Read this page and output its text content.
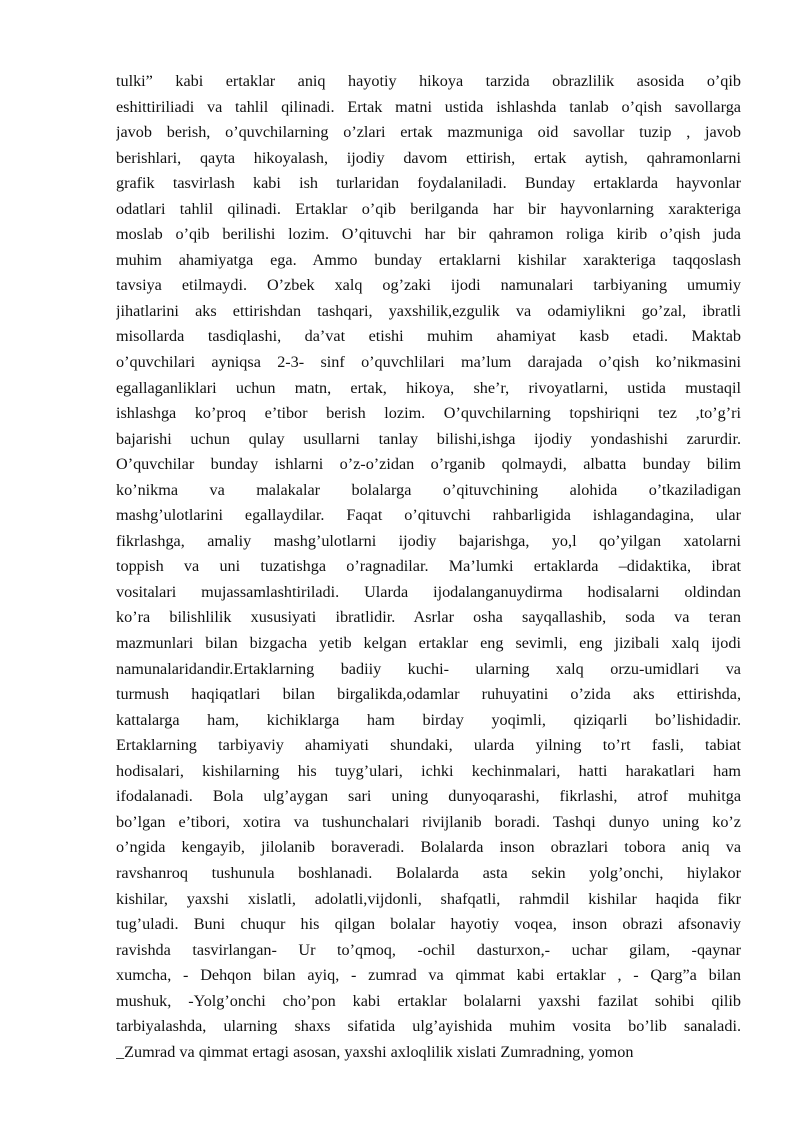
tulki” kabi ertaklar aniq hayotiy hikoya tarzida obrazlilik asosida o’qib
eshittiriliadi va tahlil qilinadi. Ertak matni ustida ishlashda tanlab o’qish savollarga
javob berish, o’quvchilarning o’zlari ertak mazmuniga oid savollar tuzip , javob
berishlari, qayta hikoyalash, ijodiy davom ettirish, ertak aytish, qahramonlarni
grafik tasvirlash kabi ish turlaridan foydalaniladi. Bunday ertaklarda hayvonlar
odatlari tahlil qilinadi. Ertaklar o’qib berilganda har bir hayvonlarning xarakteriga
moslab o’qib berilishi lozim. O’qituvchi har bir qahramon roliga kirib o’qish juda
muhim ahamiyatga ega. Ammo bunday ertaklarni kishilar xarakteriga taqqoslash
tavsiya etilmaydi. O’zbek xalq og’zaki ijodi namunalari tarbiyaning umumiy
jihatlarini aks ettirishdan tashqari, yaxshilik,ezgulik va odamiylikni go’zal, ibratli
misollarda tasdiqlashi, da’vat etishi muhim ahamiyat kasb etadi. Maktab
o’quvchilari ayniqsa 2-3- sinf o’quvchlilari ma’lum darajada o’qish ko’nikmasini
egallaganliklari uchun matn, ertak, hikoya, she’r, rivoyatlarni, ustida mustaqil
ishlashga ko’proq e’tibor berish lozim. O’quvchilarning topshiriqni tez ,to’g’ri
bajarishi uchun qulay usullarni tanlay bilishi,ishga ijodiy yondashishi zarurdir.
O’quvchilar bunday ishlarni o’z-o’zidan o’rganib qolmaydi, albatta bunday bilim
ko’nikma va malakalar bolalarga o’qituvchining alohida o’tkaziladigan
mashg’ulotlarini egallaydilar. Faqat o’qituvchi rahbarligida ishlagandagina, ular
fikrlashga, amaliy mashg’ulotlarni ijodiy bajarishga, yo,l qo’yilgan xatolarni
toppish va uni tuzatishga o’ragnadilar. Ma’lumki ertaklarda –didaktika, ibrat
vositalari mujassamlashtiriladi. Ularda ijodalanganuydirma hodisalarni oldindan
ko’ra bilishlilik xususiyati ibratlidir. Asrlar osha sayqallashib, soda va teran
mazmunlari bilan bizgacha yetib kelgan ertaklar eng sevimli, eng jizibali xalq ijodi
namunalaridandir.Ertaklarning badiiy kuchi- ularning xalq orzu-umidlari va
turmush haqiqatlari bilan birgalikda,odamlar ruhuyatini o’zida aks ettirishda,
kattalarga ham, kichiklarga ham birday yoqimli, qiziqarli bo’lishidadir.
Ertaklarning tarbiyaviy ahamiyati shundaki, ularda yilning to’rt fasli, tabiat
hodisalari, kishilarning his tuyg’ulari, ichki kechinmalari, hatti harakatlari ham
ifodalanadi. Bola ulg’aygan sari uning dunyoqarashi, fikrlashi, atrof muhitga
bo’lgan e’tibori, xotira va tushunchalari rivijlanib boradi. Tashqi dunyo uning ko’z
o’ngida kengayib, jilolanib boraveradi. Bolalarda inson obrazlari tobora aniq va
ravshanroq tushunula boshlanadi. Bolalarda asta sekin yolg’onchi, hiylakor
kishilar, yaxshi xislatli, adolatli,vijdonli, shafqatli, rahmdil kishilar haqida fikr
tug’uladi. Buni chuqur his qilgan bolalar hayotiy voqea, inson obrazi afsonaviy
ravishda tasvirlangan- Ur to’qmoq, -ochil dasturxon,- uchar gilam, -qaynar
xumcha, - Dehqon bilan ayiq, - zumrad va qimmat kabi ertaklar , - Qarg”a bilan
mushuk, -Yolg’onchi cho’pon kabi ertaklar bolalarni yaxshi fazilat sohibi qilib
tarbiyalashda, ularning shaxs sifatida ulg’ayishida muhim vosita bo’lib sanaladi.
_Zumrad va qimmat ertagi asosan, yaxshi axloqlilik xislati Zumradning, yomon
